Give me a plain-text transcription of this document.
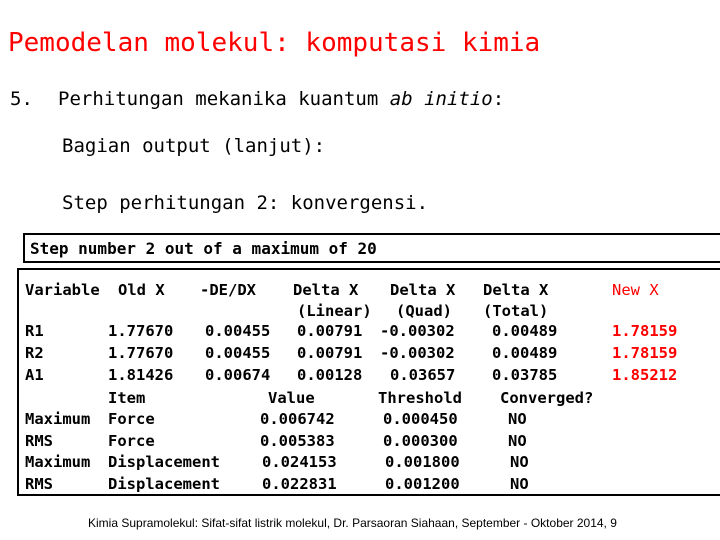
Pemodelan molekul: komputasi kimia
5. Perhitungan mekanika kuantum ab initio:
Bagian output (lanjut):
Step perhitungan 2: konvergensi.
Step number 2 out of a maximum of 20
Variable Old X -DE/DX Delta X Delta X Delta X	New X
(Linear) (Quad) (Total)
R1	1.77670 0.00455 0.00791 -0.00302 0.00489	1.78159
R2	1.77670 0.00455 0.00791 -0.00302 0.00489	1.78159
A1	1.81426 0.00674 0.00128 0.03657 0.03785	1.85212
Item	Value	Threshold Converged?
Maximum Force	0.006742	0.000450	NO
RMS	Force	0.005383	0.000300	NO
Maximum Displacement	0.024153	0.001800	NO
RMS	Displacement	0.022831	0.001200	NO
Kimia Supramolekul: Sifat-sifat listrik molekul, Dr. Parsaoran Siahaan, September - Oktober 2014, 9
